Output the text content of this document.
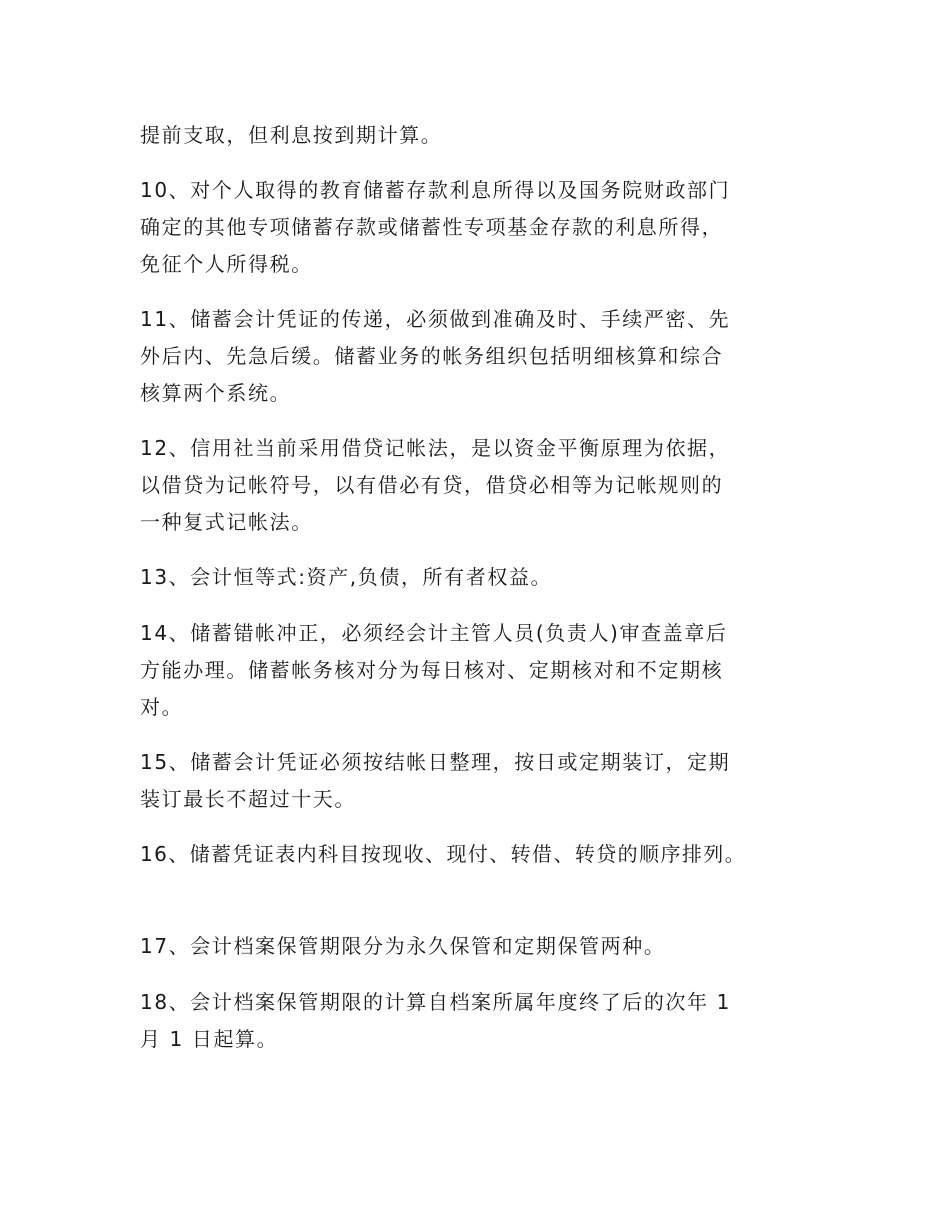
提前支取，但利息按到期计算。

10、对个人取得的教育储蓄存款利息所得以及国务院财政部门

确定的其他专项储蓄存款或储蓄性专项基金存款的利息所得，

免征个人所得税。

11、储蓄会计凭证的传递，必须做到准确及时、手续严密、先

外后内、先急后缓。储蓄业务的帐务组织包括明细核算和综合

核算两个系统。

12、信用社当前采用借贷记帐法，是以资金平衡原理为依据，

以借贷为记帐符号，以有借必有贷，借贷必相等为记帐规则的

一种复式记帐法。

13、会计恒等式:资产,负债，所有者权益。

14、储蓄错帐冲正，必须经会计主管人员(负责人)审查盖章后

方能办理。储蓄帐务核对分为每日核对、定期核对和不定期核

对。

15、储蓄会计凭证必须按结帐日整理，按日或定期装订，定期

装订最长不超过十天。

16、储蓄凭证表内科目按现收、现付、转借、转贷的顺序排列。

17、会计档案保管期限分为永久保管和定期保管两种。

18、会计档案保管期限的计算自档案所属年度终了后的次年 1

月 1 日起算。
